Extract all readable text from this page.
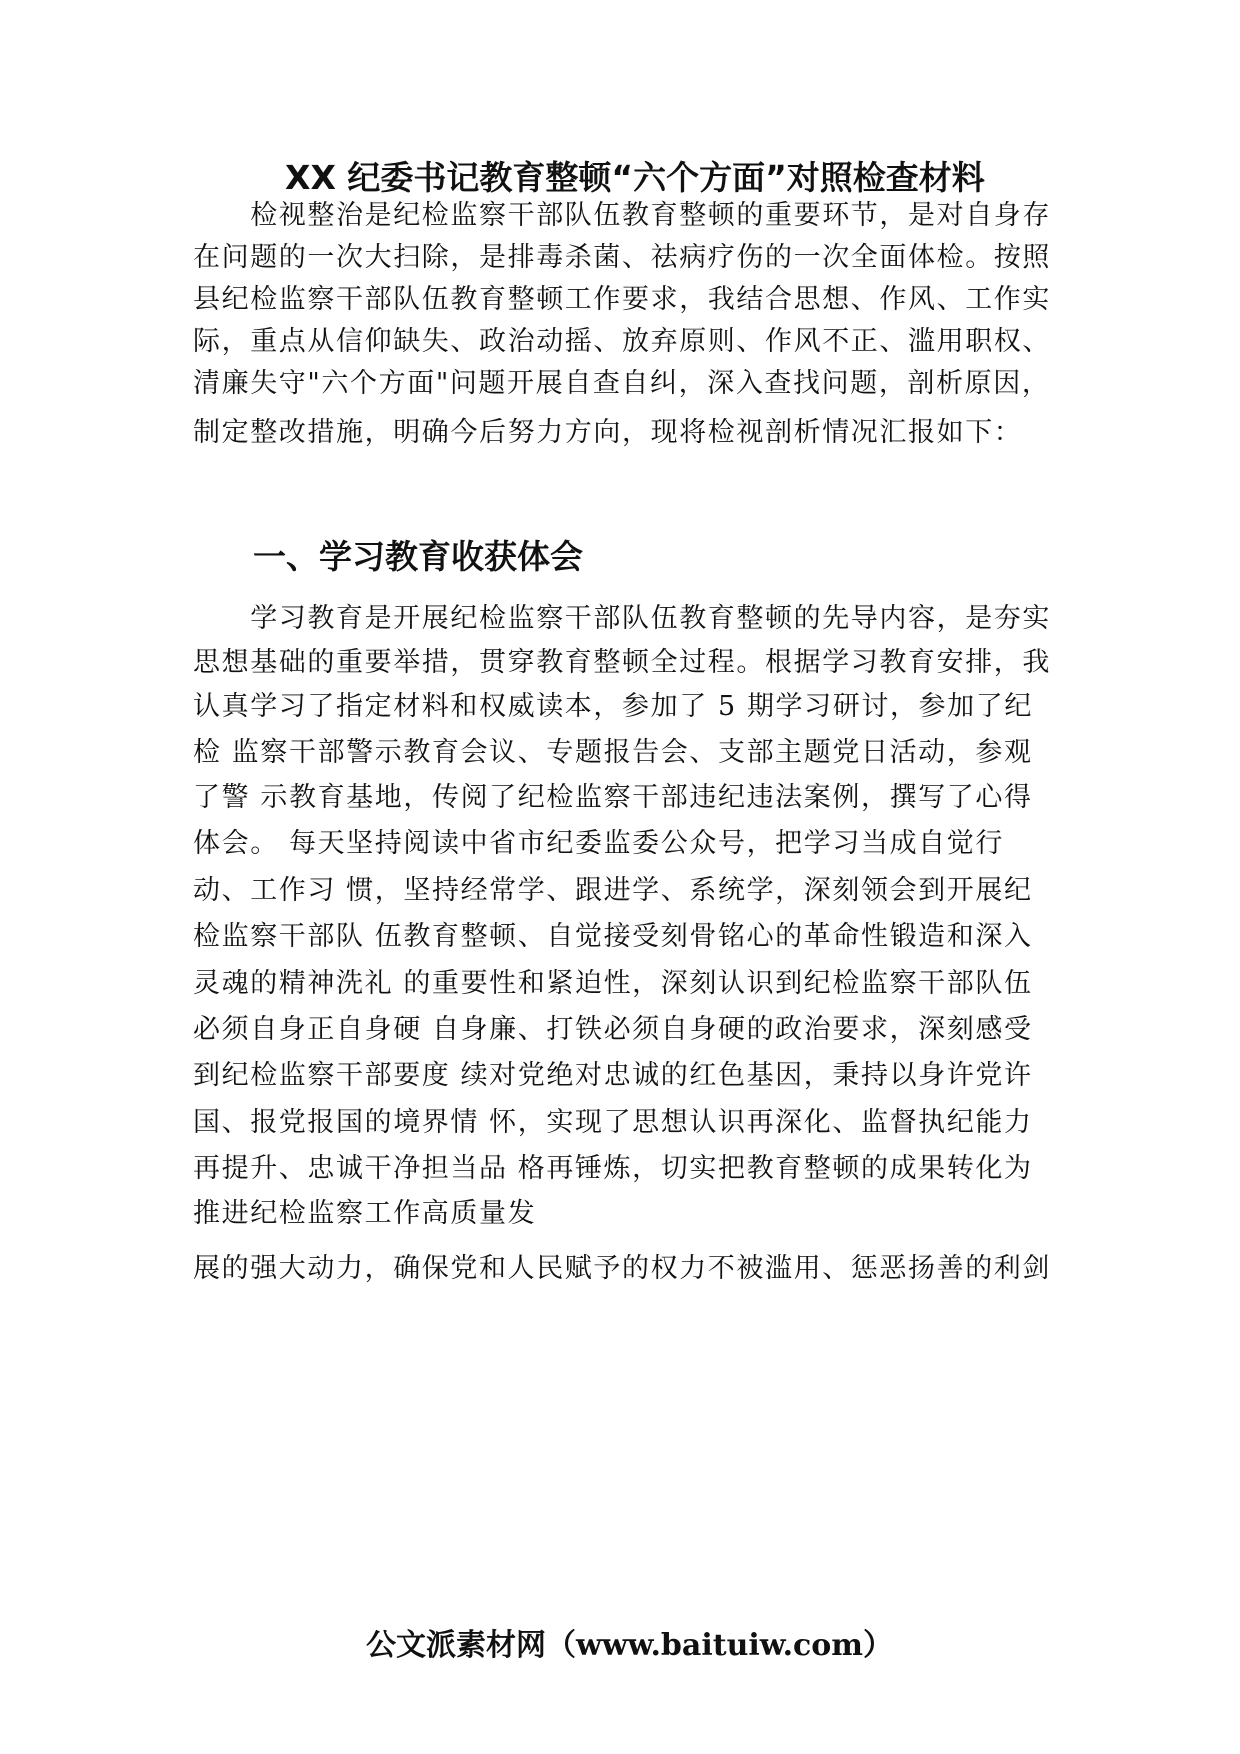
XX 纪委书记教育整顿“六个方面”对照检查材料
　　检视整治是纪检监察干部队伍教育整顿的重要环节，是对自身存
在问题的一次大扫除，是排毒杀菌、祛病疗伤的一次全面体检。按照
县纪检监察干部队伍教育整顿工作要求，我结合思想、作风、工作实
际，重点从信仰缺失、政治动摇、放弃原则、作风不正、滥用职权、
清廉失守"六个方面"问题开展自查自纠，深入查找问题，剖析原因，
制定整改措施，明确今后努力方向，现将检视剖析情况汇报如下：
一、学习教育收获体会
　　学习教育是开展纪检监察干部队伍教育整顿的先导内容，是夯实
思想基础的重要举措，贯穿教育整顿全过程。根据学习教育安排，我
认真学习了指定材料和权威读本，参加了 5 期学习研讨，参加了纪
检 监察干部警示教育会议、专题报告会、支部主题党日活动，参观
了警 示教育基地，传阅了纪检监察干部违纪违法案例，撰写了心得
体会。 每天坚持阅读中省市纪委监委公众号，把学习当成自觉行
动、工作习 惯，坚持经常学、跟进学、系统学，深刻领会到开展纪
检监察干部队 伍教育整顿、自觉接受刻骨铭心的革命性锻造和深入
灵魂的精神洗礼 的重要性和紧迫性，深刻认识到纪检监察干部队伍
必须自身正自身硬 自身廉、打铁必须自身硬的政治要求，深刻感受
到纪检监察干部要度 续对党绝对忠诚的红色基因，秉持以身许党许
国、报党报国的境界情 怀，实现了思想认识再深化、监督执纪能力
再提升、忠诚干净担当品 格再锤炼，切实把教育整顿的成果转化为
推进纪检监察工作高质量发
展的强大动力，确保党和人民赋予的权力不被滥用、惩恶扬善的利剑
公文派素材网（www.baituiw.com）
